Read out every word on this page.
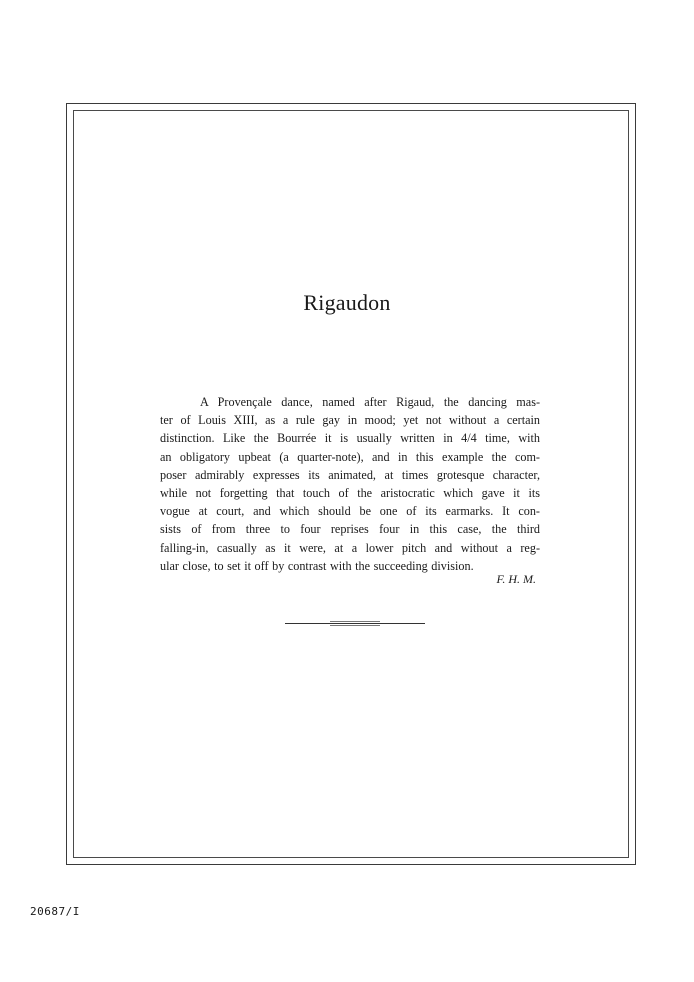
Rigaudon
A Provençale dance, named after Rigaud, the dancing mas-
ter of Louis XIII, as a rule gay in mood; yet not without a certain
distinction. Like the Bourrée it is usually written in 4/4 time, with
an obligatory upbeat (a quarter-note), and in this example the com-
poser admirably expresses its animated, at times grotesque character,
while not forgetting that touch of the aristocratic which gave it its
vogue at court, and which should be one of its earmarks. It con-
sists of from three to four reprises four in this case, the third
falling-in, casually as it were, at a lower pitch and without a reg-
ular close, to set it off by contrast with the succeeding division.
F. H. M.
20687/I
